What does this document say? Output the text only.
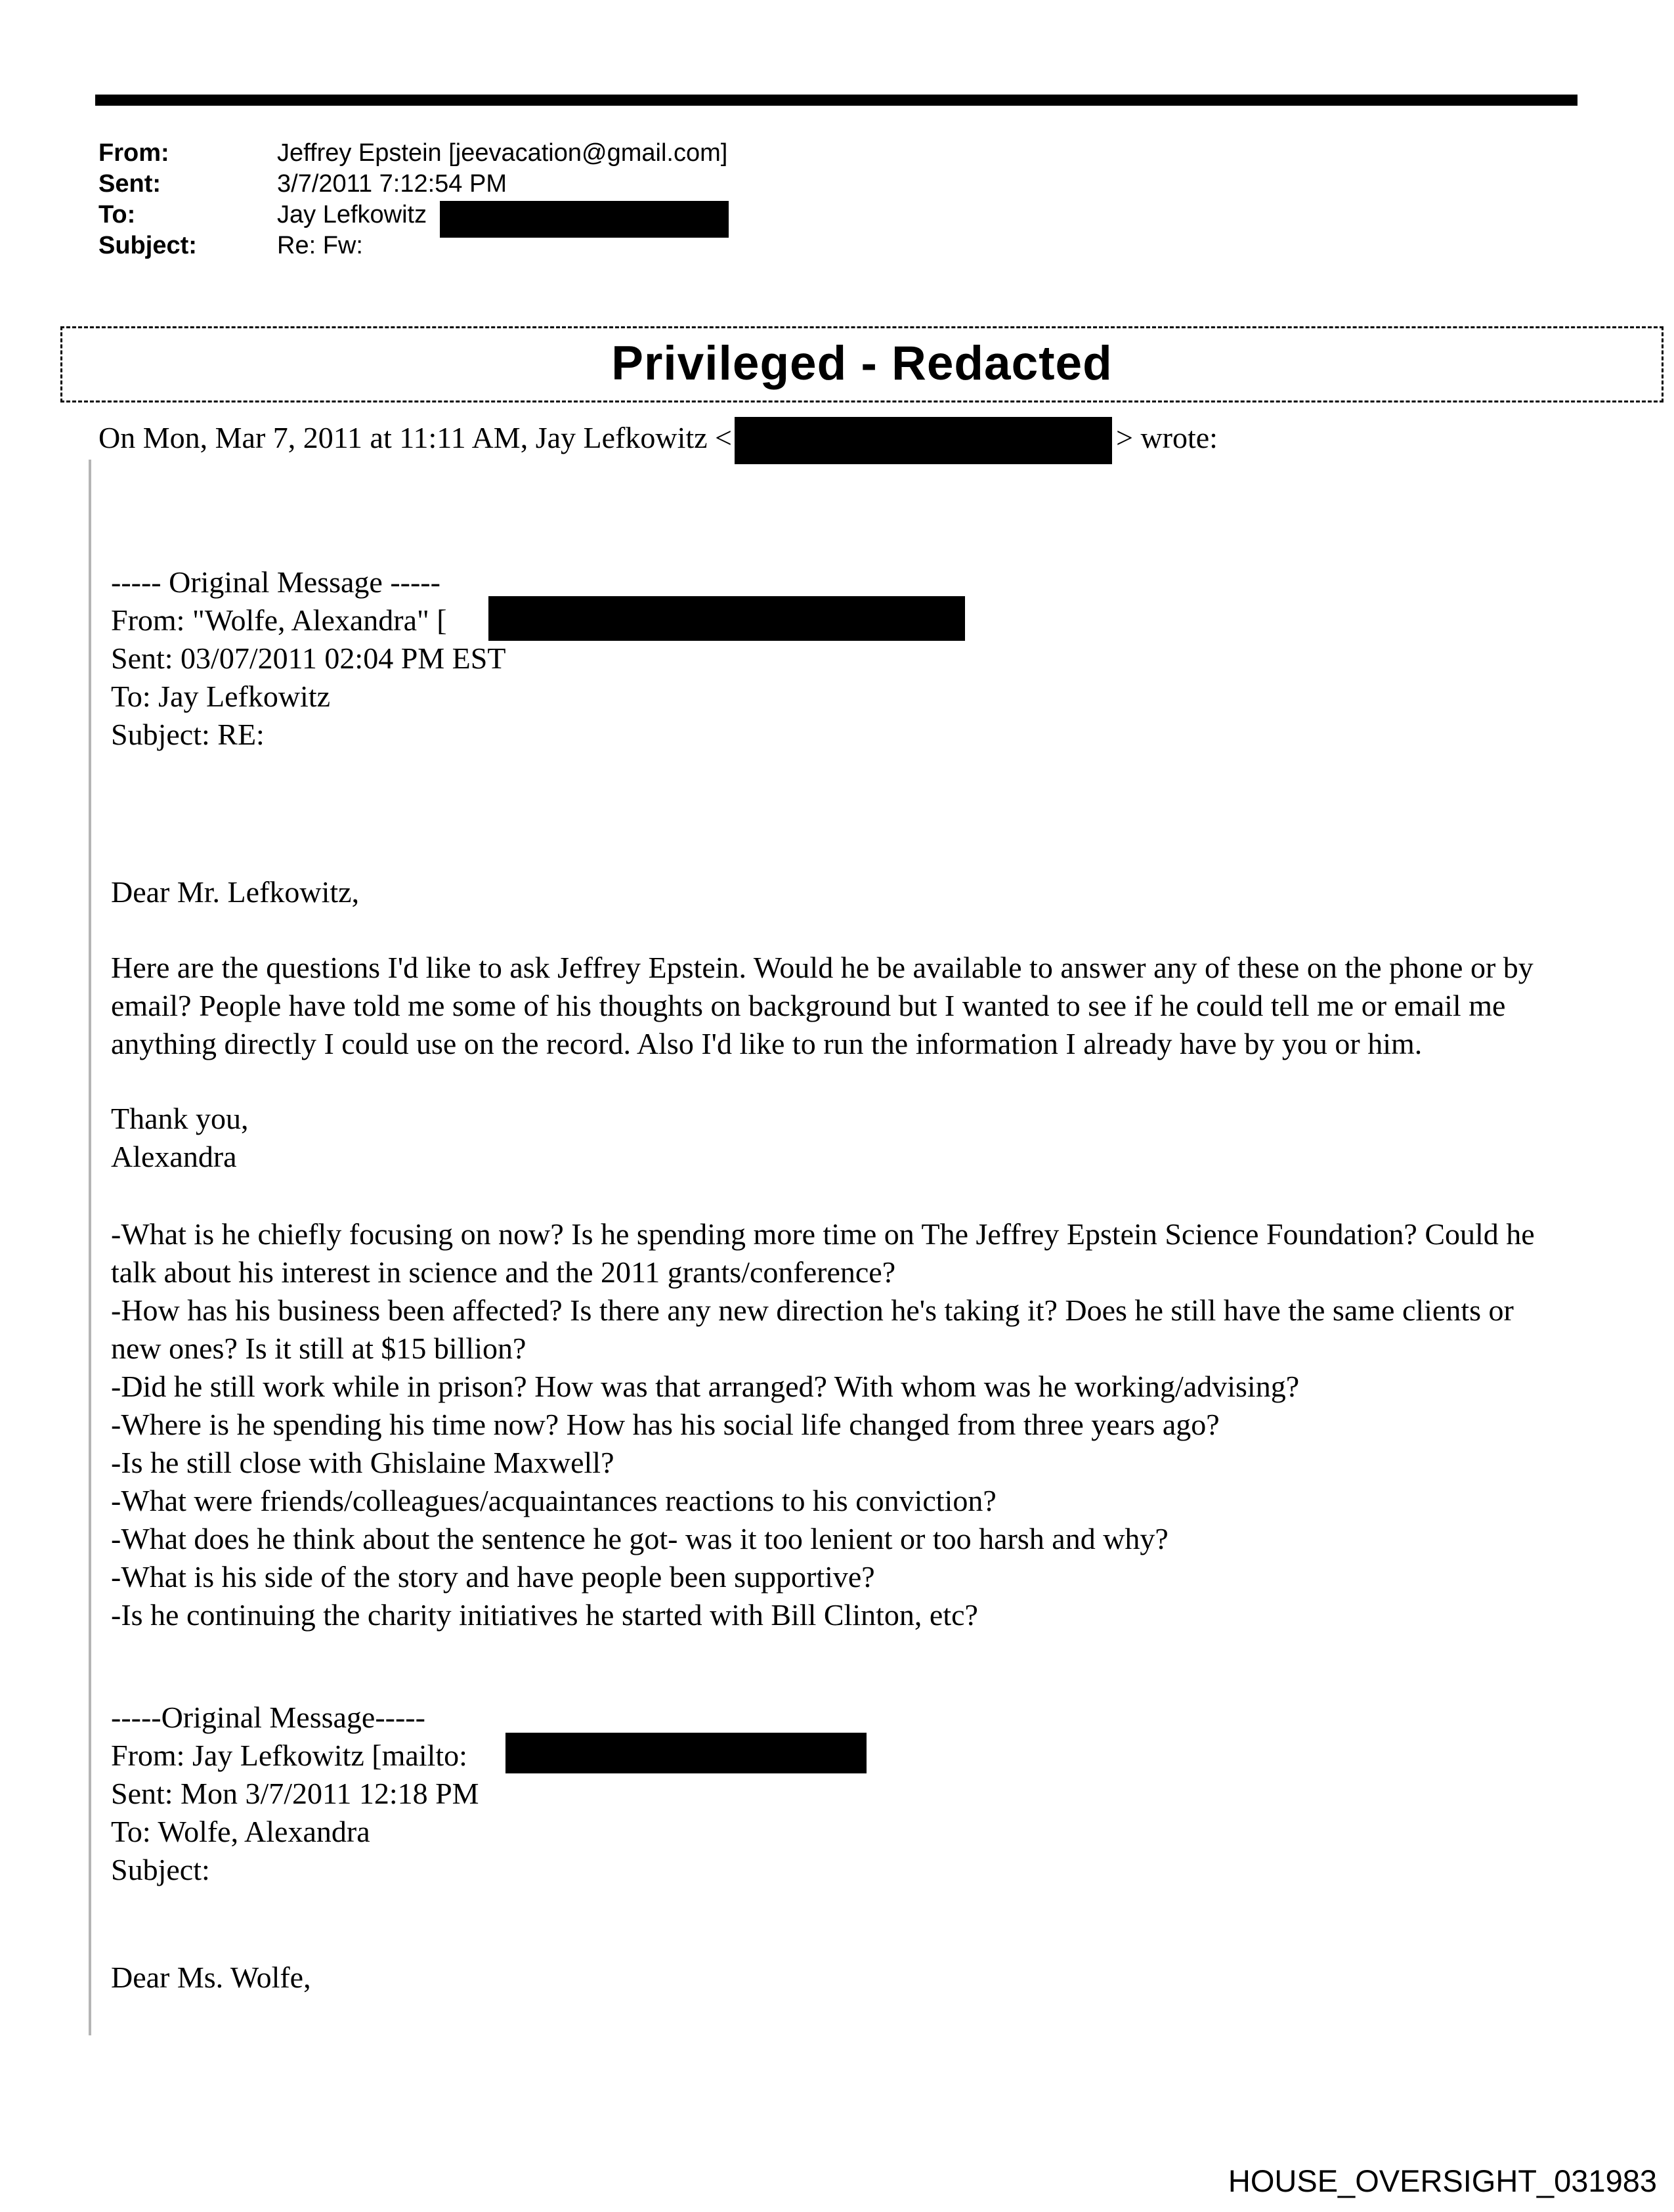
From:	Jeffrey Epstein [jeevacation@gmail.com]
Sent:	3/7/2011 7:12:54 PM
To:	Jay Lefkowitz
Subject:	Re: Fw:
Privileged - Redacted
On Mon, Mar 7, 2011 at 11:11 AM, Jay Lefkowitz <	> wrote:
----- Original Message -----
From: "Wolfe, Alexandra" [
Sent: 03/07/2011 02:04 PM EST
To: Jay Lefkowitz
Subject: RE:
Dear Mr. Lefkowitz,
Here are the questions I'd like to ask Jeffrey Epstein. Would he be available to answer any of these on the phone or by email? People have told me some of his thoughts on background but I wanted to see if he could tell me or email me anything directly I could use on the record. Also I'd like to run the information I already have by you or him.
Thank you,
Alexandra
-What is he chiefly focusing on now? Is he spending more time on The Jeffrey Epstein Science Foundation? Could he talk about his interest in science and the 2011 grants/conference?
-How has his business been affected? Is there any new direction he's taking it? Does he still have the same clients or new ones? Is it still at $15 billion?
-Did he still work while in prison? How was that arranged? With whom was he working/advising?
-Where is he spending his time now? How has his social life changed from three years ago?
-Is he still close with Ghislaine Maxwell?
-What were friends/colleagues/acquaintances reactions to his conviction?
-What does he think about the sentence he got- was it too lenient or too harsh and why?
-What is his side of the story and have people been supportive?
-Is he continuing the charity initiatives he started with Bill Clinton, etc?
-----Original Message-----
From: Jay Lefkowitz [mailto:
Sent: Mon 3/7/2011 12:18 PM
To: Wolfe, Alexandra
Subject:
Dear Ms. Wolfe,
HOUSE_OVERSIGHT_031983
